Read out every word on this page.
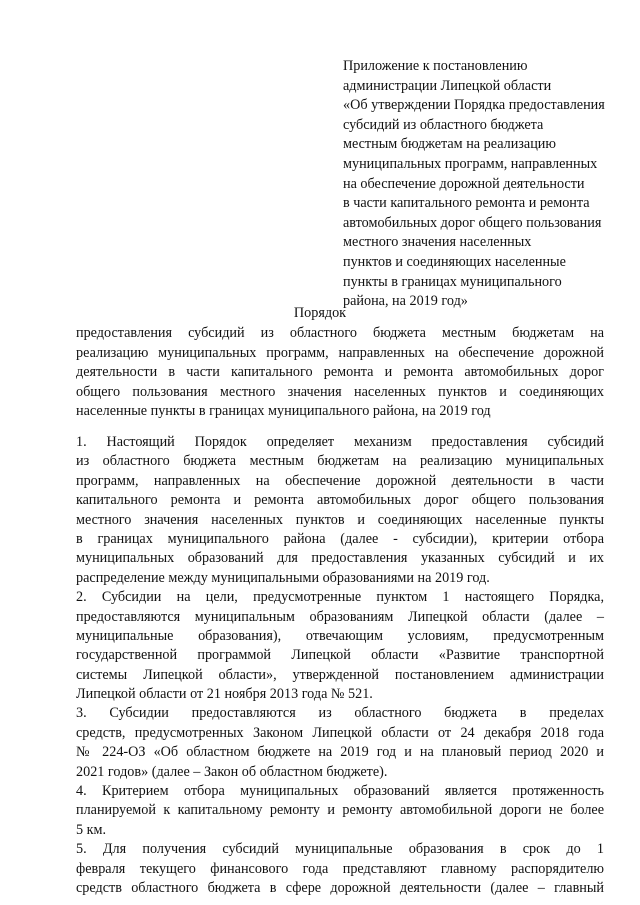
Приложение к постановлению
администрации Липецкой области
«Об утверждении Порядка предоставления
субсидий из областного бюджета
местным бюджетам на реализацию
муниципальных программ, направленных
на обеспечение дорожной деятельности
в части капитального ремонта и ремонта
автомобильных дорог общего пользования
местного значения населенных
пунктов и соединяющих населенные
пункты в границах муниципального
района, на 2019 год»
Порядок
предоставления субсидий из областного бюджета местным бюджетам на
реализацию муниципальных программ, направленных на обеспечение дорожной
деятельности в части капитального ремонта и ремонта автомобильных дорог
общего пользования местного значения населенных пунктов и соединяющих
населенные пункты в границах муниципального района, на 2019 год
1. Настоящий Порядок определяет механизм предоставления субсидий
из областного бюджета местным бюджетам на реализацию муниципальных
программ, направленных на обеспечение дорожной деятельности в части
капитального ремонта и ремонта автомобильных дорог общего пользования
местного значения населенных пунктов и соединяющих населенные пункты
в границах муниципального района (далее - субсидии), критерии отбора
муниципальных образований для предоставления указанных субсидий и их
распределение между муниципальными образованиями на 2019 год.
2. Субсидии на цели, предусмотренные пунктом 1 настоящего Порядка,
предоставляются муниципальным образованиям Липецкой области (далее –
муниципальные образования), отвечающим условиям, предусмотренным
государственной программой Липецкой области «Развитие транспортной
системы Липецкой области», утвержденной постановлением администрации
Липецкой области от 21 ноября 2013 года № 521.
3. Субсидии предоставляются из областного бюджета в пределах
средств, предусмотренных Законом Липецкой области от 24 декабря 2018 года
№ 224-ОЗ «Об областном бюджете на 2019 год и на плановый период 2020 и
2021 годов» (далее – Закон об областном бюджете).
4. Критерием отбора муниципальных образований является протяженность
планируемой к капитальному ремонту и ремонту автомобильной дороги не более
5 км.
5. Для получения субсидий муниципальные образования в срок до 1
февраля текущего финансового года представляют главному распорядителю
средств областного бюджета в сфере дорожной деятельности (далее – главный
